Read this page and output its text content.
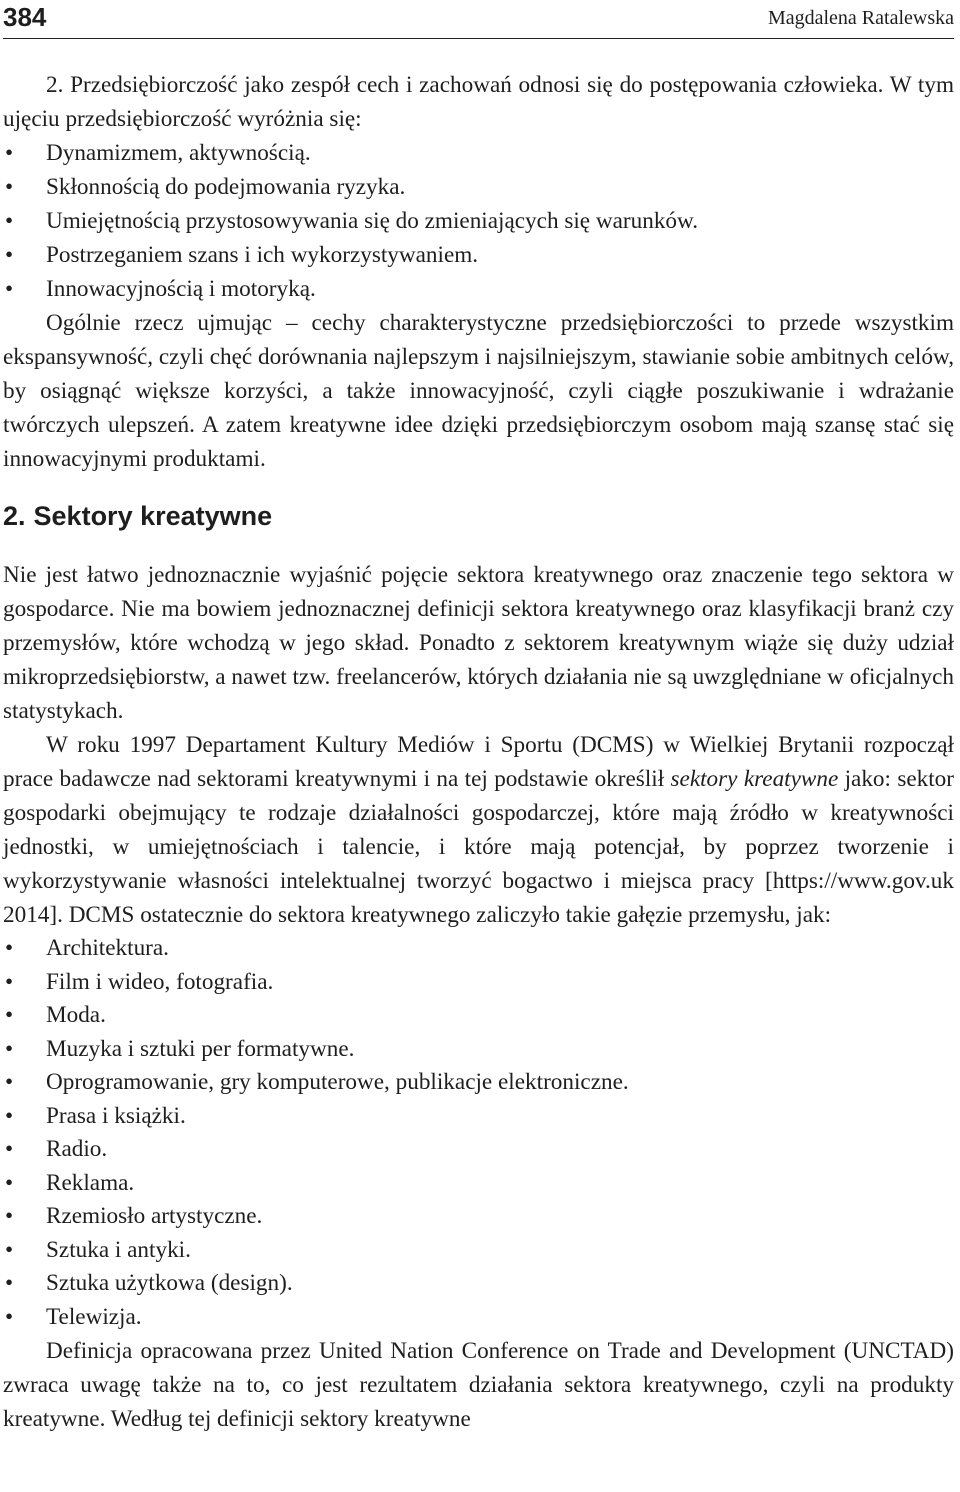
384	Magdalena Ratalewska

2. Przedsiębiorczość jako zespół cech i zachowań odnosi się do postępowania człowieka. W tym ujęciu przedsiębiorczość wyróżnia się:

• Dynamizmem, aktywnością.
• Skłonnością do podejmowania ryzyka.
• Umiejętnością przystosowywania się do zmieniających się warunków.
• Postrzeganiem szans i ich wykorzystywaniem.
• Innowacyjnością i motoryką.

Ogólnie rzecz ujmując – cechy charakterystyczne przedsiębiorczości to przede wszystkim ekspansywność, czyli chęć dorównania najlepszym i najsilniejszym, stawianie sobie ambitnych celów, by osiągnąć większe korzyści, a także innowacyjność, czyli ciągłe poszukiwanie i wdrażanie twórczych ulepszeń. A zatem kreatywne idee dzięki przedsiębiorczym osobom mają szansę stać się innowacyjnymi produktami.

2. Sektory kreatywne

Nie jest łatwo jednoznacznie wyjaśnić pojęcie sektora kreatywnego oraz znaczenie tego sektora w gospodarce. Nie ma bowiem jednoznacznej definicji sektora kreatywnego oraz klasyfikacji branż czy przemysłów, które wchodzą w jego skład. Ponadto z sektorem kreatywnym wiąże się duży udział mikroprzedsiębiorstw, a nawet tzw. freelancerów, których działania nie są uwzględniane w oficjalnych statystykach.

W roku 1997 Departament Kultury Mediów i Sportu (DCMS) w Wielkiej Brytanii rozpoczął prace badawcze nad sektorami kreatywnymi i na tej podstawie określił sektory kreatywne jako: sektor gospodarki obejmujący te rodzaje działalności gospodarczej, które mają źródło w kreatywności jednostki, w umiejętnościach i talencie, i które mają potencjał, by poprzez tworzenie i wykorzystywanie własności intelektualnej tworzyć bogactwo i miejsca pracy [https://www.gov.uk 2014]. DCMS ostatecznie do sektora kreatywnego zaliczyło takie gałęzie przemysłu, jak:

• Architektura.
• Film i wideo, fotografia.
• Moda.
• Muzyka i sztuki per formatywne.
• Oprogramowanie, gry komputerowe, publikacje elektroniczne.
• Prasa i książki.
• Radio.
• Reklama.
• Rzemiosło artystyczne.
• Sztuka i antyki.
• Sztuka użytkowa (design).
• Telewizja.

Definicja opracowana przez United Nation Conference on Trade and Development (UNCTAD) zwraca uwagę także na to, co jest rezultatem działania sektora kreatywnego, czyli na produkty kreatywne. Według tej definicji sektory kreatywne
